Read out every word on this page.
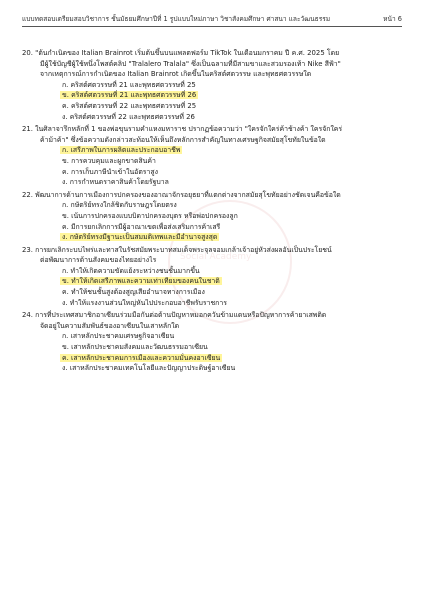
แบบทดสอบเตรียมสอบวิชาการ ชั้นมัธยมศึกษาปีที่ 1 รูปแบบใหม่ภาษา วิชาสังคมศึกษา ศาสนา และวัฒนธรรม	หน้า 6
Social Academy
20. "ต้นกำเนิดของ Italian Brainrot เริ่มต้นขึ้นบนแพลตฟอร์ม TikTok ในเดือนมกราคม ปี ค.ศ. 2025 โดย
มีผู้ใช้บัญชีผู้ใช้หนึ่งโพสต์คลิป "Tralalero Tralala" ซึ่งเป็นฉลามที่มีสามขาและสวมรองเท้า Nike สีฟ้า"
จากเหตุการณ์การกำเนิดของ Italian Brainrot เกิดขึ้นในคริสต์ศตวรรษ และพุทธศตวรรษใด
ก. คริสต์ศตวรรษที่ 21 และพุทธศตวรรษที่ 25
ข. คริสต์ศตวรรษที่ 21 และพุทธศตวรรษที่ 26
ค. คริสต์ศตวรรษที่ 22 และพุทธศตวรรษที่ 25
ง. คริสต์ศตวรรษที่ 22 และพุทธศตวรรษที่ 26
21. ในศิลาจารึกหลักที่ 1 ของพ่อขุนรามคำแหงมหาราช ปรากฏข้อความว่า "ใครจักใคร่ค้าช้างค้า ใครจักใคร่
ค้าม้าค้า" ซึ่งข้อความดังกล่าวสะท้อนให้เห็นถึงหลักการสำคัญในทางเศรษฐกิจสมัยสุโขทัยในข้อใด
ก. เสรีภาพในการผลิตและประกอบอาชีพ
ข. การควบคุมและผูกขาดสินค้า
ค. การเก็บภาษีนำเข้าในอัตราสูง
ง. การกำหนดราคาสินค้าโดยรัฐบาล
22. พัฒนาการด้านการเมืองการปกครองของอาณาจักรอยุธยาที่แตกต่างจากสมัยสุโขทัยอย่างชัดเจนคือข้อใด
ก. กษัตริย์ทรงใกล้ชิดกับราษฎรโดยตรง
ข. เน้นการปกครองแบบบิดาปกครองบุตร หรือพ่อปกครองลูก
ค. มีการยกเลิกการมีผู้อาณาเขตเพื่อส่งเสริมการค้าเสรี
ง. กษัตริย์ทรงมีฐานะเป็นสมมติเทพและมีอำนาจสูงสุด
23. การยกเลิกระบบไพร่และทาสในรัชสมัยพระบาทสมเด็จพระจุลจอมเกล้าเจ้าอยู่หัวส่งผลอันเป็นประโยชน์
ต่อพัฒนาการด้านสังคมของไทยอย่างไร
ก. ทำให้เกิดความขัดแย้งระหว่างชนชั้นมากขึ้น
ข. ทำให้เกิดเสรีภาพและความเท่าเทียมของคนในชาติ
ค. ทำให้ชนชั้นสูงต้องสูญเสียอำนาจทางการเมือง
ง. ทำให้แรงงานส่วนใหญ่หันไปประกอบอาชีพรับราชการ
24. การที่ประเทศสมาชิกอาเซียนร่วมมือกันต่อต้านปัญหาหมอกควันข้ามแดนหรือปัญหาการค้ายาเสพติด
จัดอยู่ในความสัมพันธ์ของอาเซียนในเสาหลักใด
ก. เสาหลักประชาคมเศรษฐกิจอาเซียน
ข. เสาหลักประชาคมสังคมและวัฒนธรรมอาเซียน
ค. เสาหลักประชาคมการเมืองและความมั่นคงอาเซียน
ง. เสาหลักประชาคมเทคโนโลยีและปัญญาประดิษฐ์อาเซียน
